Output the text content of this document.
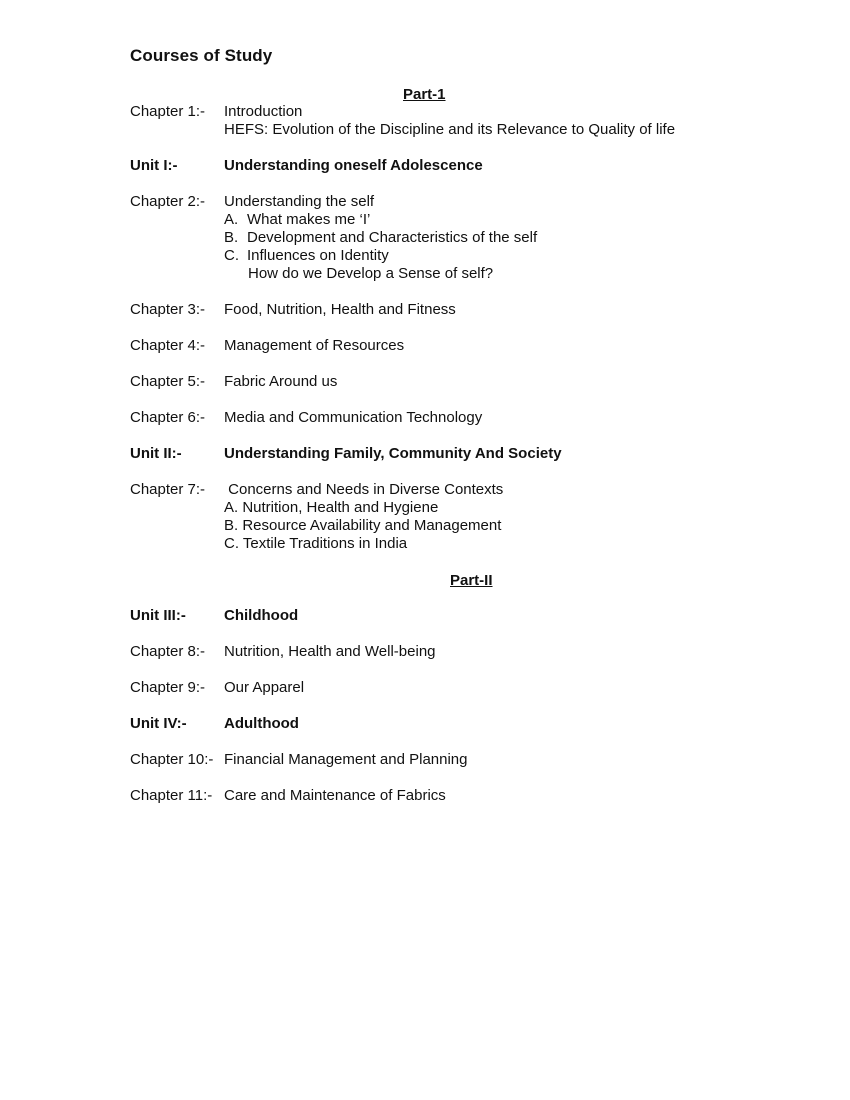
Courses of Study
Part-1
Chapter 1:- Introduction
HEFS: Evolution of the Discipline and its Relevance to Quality of life
Unit I:-	Understanding oneself Adolescence
Chapter 2:- Understanding the self
A. What makes me ‘I’
B. Development and Characteristics of the self
C. Influences on Identity
How do we Develop a Sense of self?
Chapter 3:- Food, Nutrition, Health and Fitness
Chapter 4:- Management of Resources
Chapter 5:- Fabric Around us
Chapter 6:- Media and Communication Technology
Unit II:-	Understanding Family, Community And Society
Chapter 7:- Concerns and Needs in Diverse Contexts
A. Nutrition, Health and Hygiene
B. Resource Availability and Management
C. Textile Traditions in India
Part-II
Unit III:-	Childhood
Chapter 8:- Nutrition, Health and Well-being
Chapter 9:- Our Apparel
Unit IV:- Adulthood
Chapter 10:- Financial Management and Planning
Chapter 11:- Care and Maintenance of Fabrics
